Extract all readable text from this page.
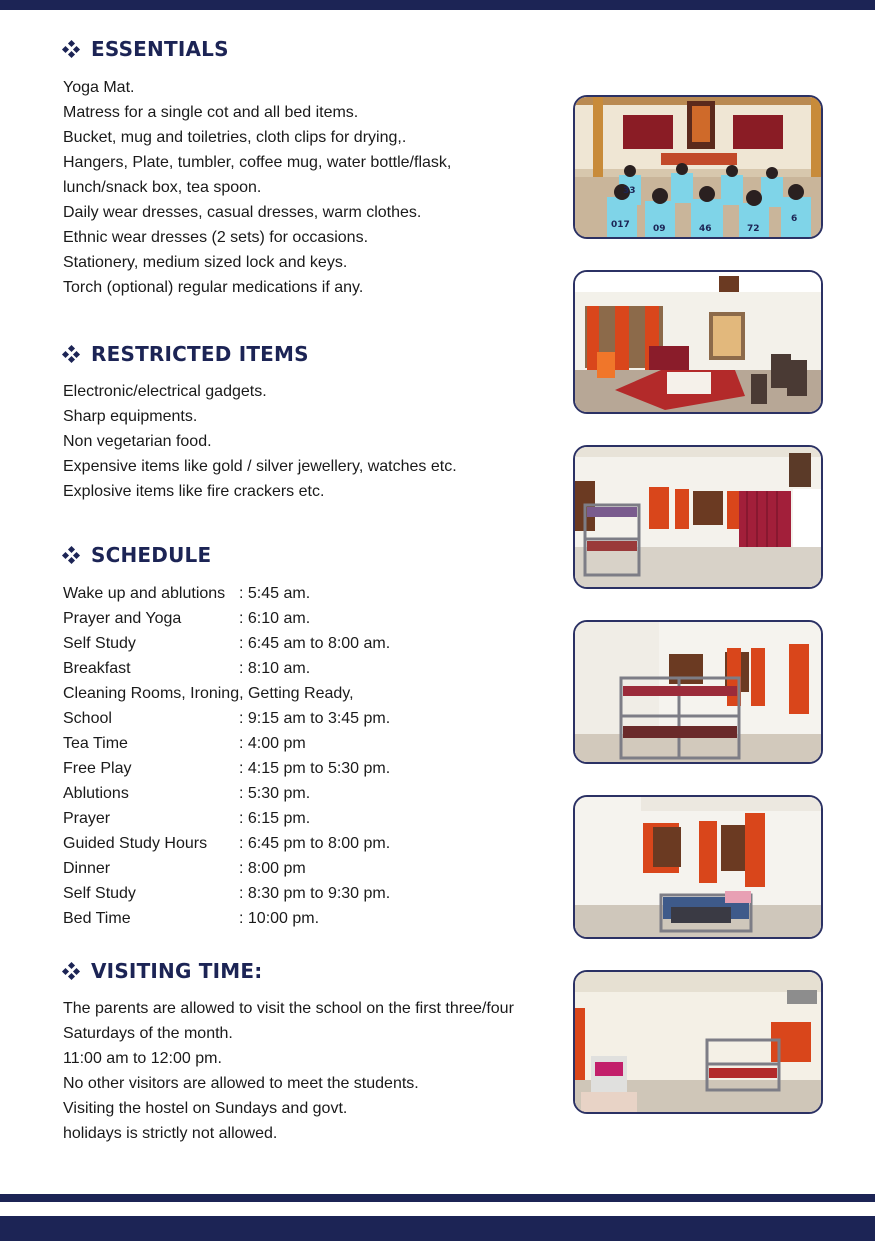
ESSENTIALS
Yoga Mat.
Matress for a single cot and all bed items.
Bucket, mug and toiletries, cloth clips for drying,.
Hangers, Plate, tumbler, coffee mug, water bottle/flask,
lunch/snack box, tea spoon.
Daily wear dresses, casual dresses, warm clothes.
Ethnic wear dresses (2 sets) for occasions.
Stationery, medium sized lock and keys.
Torch (optional) regular medications if any.
RESTRICTED ITEMS
Electronic/electrical gadgets.
Sharp equipments.
Non vegetarian food.
Expensive items like gold / silver jewellery, watches etc.
Explosive items like fire crackers etc.
SCHEDULE
Wake up and ablutions : 5:45 am.
Prayer and Yoga	: 6:10 am.
Self Study	: 6:45 am to 8:00 am.
Breakfast	: 8:10 am.
Cleaning Rooms, Ironing, Getting Ready,
School	: 9:15 am to 3:45 pm.
Tea Time	: 4:00 pm
Free Play	: 4:15 pm to 5:30 pm.
Ablutions	: 5:30 pm.
Prayer	: 6:15 pm.
Guided Study Hours	: 6:45 pm to 8:00 pm.
Dinner	: 8:00 pm
Self Study	: 8:30 pm to 9:30 pm.
Bed Time	: 10:00 pm.
VISITING TIME:
The parents are allowed to visit the school on the first three/four
Saturdays of the month.
11:00 am to 12:00 pm.
No other visitors are allowed to meet the students.
Visiting the hostel on Sundays and govt.
holidays is strictly not allowed.
33
017	09	46	72
6
